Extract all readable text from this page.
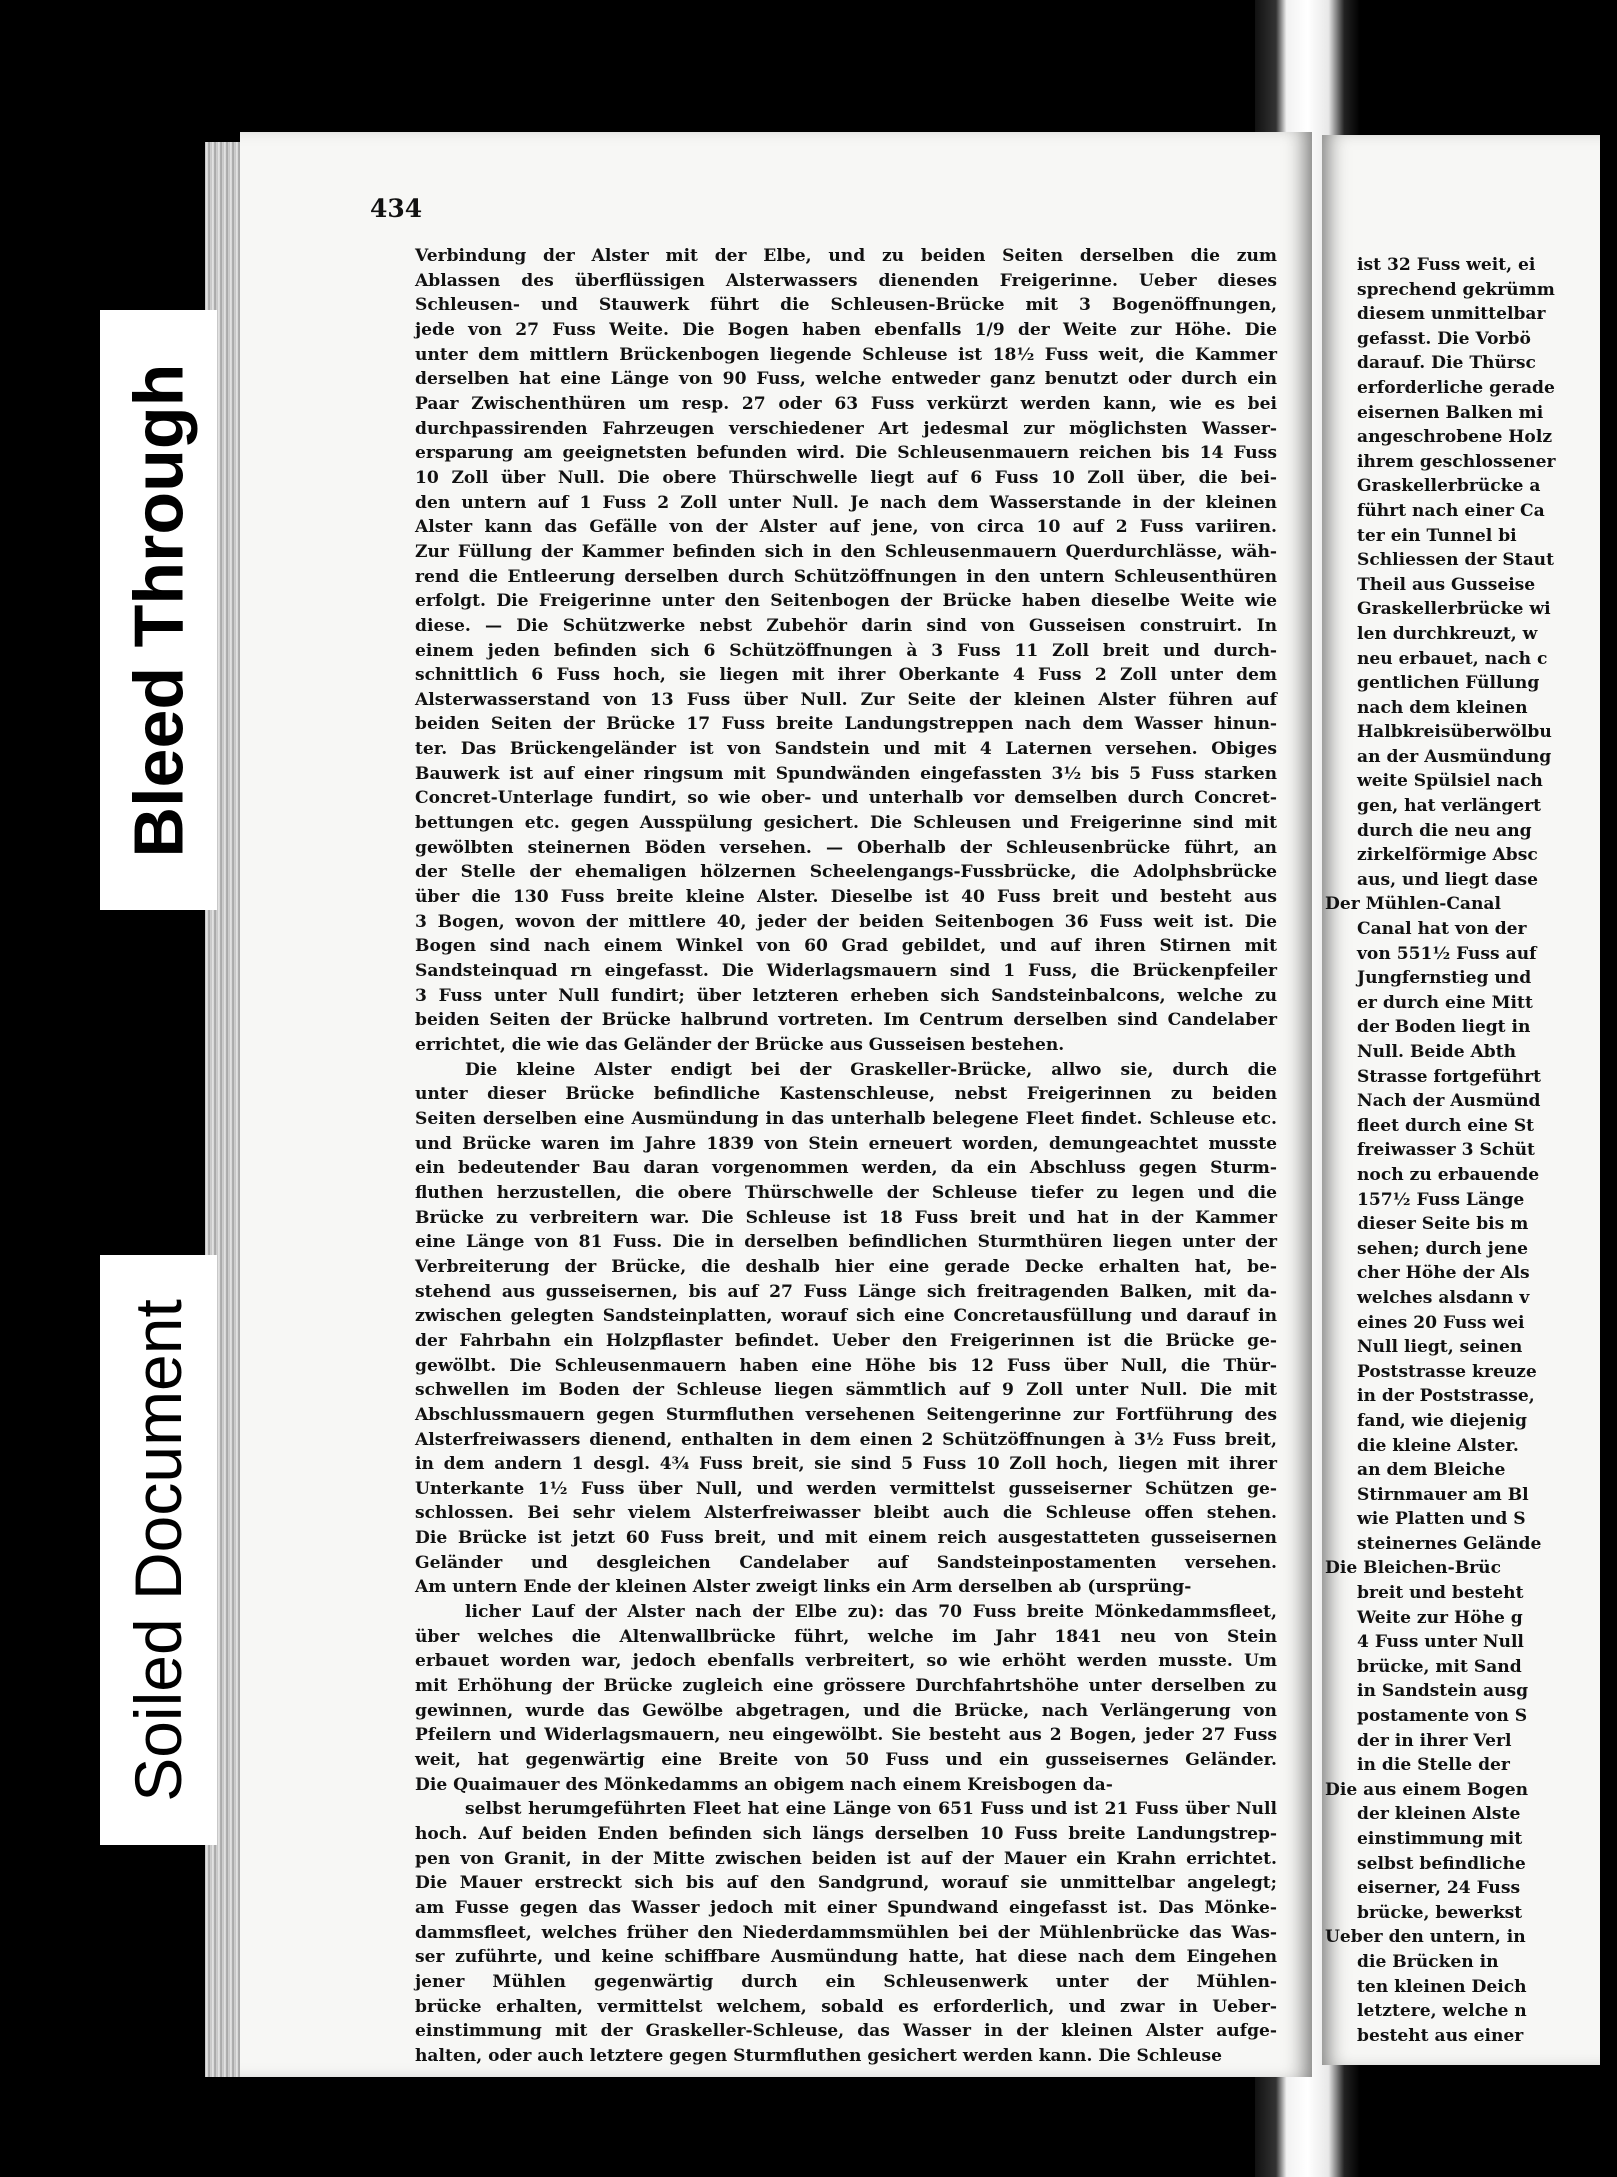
434

Verbindung der Alster mit der Elbe, und zu beiden Seiten derselben die zum

Ablassen des überflüssigen Alsterwassers dienenden Freigerinne. Ueber dieses

Schleusen- und Stauwerk führt die Schleusen-Brücke mit 3 Bogenöffnungen,

jede von 27 Fuss Weite. Die Bogen haben ebenfalls 1/9 der Weite zur Höhe. Die

unter dem mittlern Brückenbogen liegende Schleuse ist 18½ Fuss weit, die Kammer

derselben hat eine Länge von 90 Fuss, welche entweder ganz benutzt oder durch ein

Paar Zwischenthüren um resp. 27 oder 63 Fuss verkürzt werden kann, wie es bei

durchpassirenden Fahrzeugen verschiedener Art jedesmal zur möglichsten Wasser-

ersparung am geeignetsten befunden wird. Die Schleusenmauern reichen bis 14 Fuss

10 Zoll über Null. Die obere Thürschwelle liegt auf 6 Fuss 10 Zoll über, die bei-

den untern auf 1 Fuss 2 Zoll unter Null. Je nach dem Wasserstande in der kleinen

Alster kann das Gefälle von der Alster auf jene, von circa 10 auf 2 Fuss variiren.

Zur Füllung der Kammer befinden sich in den Schleusenmauern Querdurchlässe, wäh-

rend die Entleerung derselben durch Schützöffnungen in den untern Schleusenthüren

erfolgt. Die Freigerinne unter den Seitenbogen der Brücke haben dieselbe Weite wie

diese. — Die Schützwerke nebst Zubehör darin sind von Gusseisen construirt. In

einem jeden befinden sich 6 Schützöffnungen à 3 Fuss 11 Zoll breit und durch-

schnittlich 6 Fuss hoch, sie liegen mit ihrer Oberkante 4 Fuss 2 Zoll unter dem

Alsterwasserstand von 13 Fuss über Null. Zur Seite der kleinen Alster führen auf

beiden Seiten der Brücke 17 Fuss breite Landungstreppen nach dem Wasser hinun-

ter. Das Brückengeländer ist von Sandstein und mit 4 Laternen versehen. Obiges

Bauwerk ist auf einer ringsum mit Spundwänden eingefassten 3½ bis 5 Fuss starken

Concret-Unterlage fundirt, so wie ober- und unterhalb vor demselben durch Concret-

bettungen etc. gegen Ausspülung gesichert. Die Schleusen und Freigerinne sind mit

gewölbten steinernen Böden versehen. — Oberhalb der Schleusenbrücke führt, an

der Stelle der ehemaligen hölzernen Scheelengangs-Fussbrücke, die Adolphsbrücke

über die 130 Fuss breite kleine Alster. Dieselbe ist 40 Fuss breit und besteht aus

3 Bogen, wovon der mittlere 40, jeder der beiden Seitenbogen 36 Fuss weit ist. Die

Bogen sind nach einem Winkel von 60 Grad gebildet, und auf ihren Stirnen mit

Sandsteinquad rn eingefasst. Die Widerlagsmauern sind 1 Fuss, die Brückenpfeiler

3 Fuss unter Null fundirt; über letzteren erheben sich Sandsteinbalcons, welche zu

beiden Seiten der Brücke halbrund vortreten. Im Centrum derselben sind Candelaber

errichtet, die wie das Geländer der Brücke aus Gusseisen bestehen.

Die kleine Alster endigt bei der Graskeller-Brücke, allwo sie, durch die

unter dieser Brücke befindliche Kastenschleuse, nebst Freigerinnen zu beiden

Seiten derselben eine Ausmündung in das unterhalb belegene Fleet findet. Schleuse etc.

und Brücke waren im Jahre 1839 von Stein erneuert worden, demungeachtet musste

ein bedeutender Bau daran vorgenommen werden, da ein Abschluss gegen Sturm-

fluthen herzustellen, die obere Thürschwelle der Schleuse tiefer zu legen und die

Brücke zu verbreitern war. Die Schleuse ist 18 Fuss breit und hat in der Kammer

eine Länge von 81 Fuss. Die in derselben befindlichen Sturmthüren liegen unter der

Verbreiterung der Brücke, die deshalb hier eine gerade Decke erhalten hat, be-

stehend aus gusseisernen, bis auf 27 Fuss Länge sich freitragenden Balken, mit da-

zwischen gelegten Sandsteinplatten, worauf sich eine Concretausfüllung und darauf in

der Fahrbahn ein Holzpflaster befindet. Ueber den Freigerinnen ist die Brücke ge-

gewölbt. Die Schleusenmauern haben eine Höhe bis 12 Fuss über Null, die Thür-

schwellen im Boden der Schleuse liegen sämmtlich auf 9 Zoll unter Null. Die mit

Abschlussmauern gegen Sturmfluthen versehenen Seitengerinne zur Fortführung des

Alsterfreiwassers dienend, enthalten in dem einen 2 Schützöffnungen à 3½ Fuss breit,

in dem andern 1 desgl. 4¾ Fuss breit, sie sind 5 Fuss 10 Zoll hoch, liegen mit ihrer

Unterkante 1½ Fuss über Null, und werden vermittelst gusseiserner Schützen ge-

schlossen. Bei sehr vielem Alsterfreiwasser bleibt auch die Schleuse offen stehen.

Die Brücke ist jetzt 60 Fuss breit, und mit einem reich ausgestatteten gusseisernen

Geländer und desgleichen Candelaber auf Sandsteinpostamenten versehen.

Am untern Ende der kleinen Alster zweigt links ein Arm derselben ab (ursprüng-

licher Lauf der Alster nach der Elbe zu): das 70 Fuss breite Mönkedammsfleet,

über welches die Altenwallbrücke führt, welche im Jahr 1841 neu von Stein

erbauet worden war, jedoch ebenfalls verbreitert, so wie erhöht werden musste. Um

mit Erhöhung der Brücke zugleich eine grössere Durchfahrtshöhe unter derselben zu

gewinnen, wurde das Gewölbe abgetragen, und die Brücke, nach Verlängerung von

Pfeilern und Widerlagsmauern, neu eingewölbt. Sie besteht aus 2 Bogen, jeder 27 Fuss

weit, hat gegenwärtig eine Breite von 50 Fuss und ein gusseisernes Geländer.

Die Quaimauer des Mönkedamms an obigem nach einem Kreisbogen da-

selbst herumgeführten Fleet hat eine Länge von 651 Fuss und ist 21 Fuss über Null

hoch. Auf beiden Enden befinden sich längs derselben 10 Fuss breite Landungstrep-

pen von Granit, in der Mitte zwischen beiden ist auf der Mauer ein Krahn errichtet.

Die Mauer erstreckt sich bis auf den Sandgrund, worauf sie unmittelbar angelegt;

am Fusse gegen das Wasser jedoch mit einer Spundwand eingefasst ist. Das Mönke-

dammsfleet, welches früher den Niederdammsmühlen bei der Mühlenbrücke das Was-

ser zuführte, und keine schiffbare Ausmündung hatte, hat diese nach dem Eingehen

jener Mühlen gegenwärtig durch ein Schleusenwerk unter der Mühlen-

brücke erhalten, vermittelst welchem, sobald es erforderlich, und zwar in Ueber-

einstimmung mit der Graskeller-Schleuse, das Wasser in der kleinen Alster aufge-

halten, oder auch letztere gegen Sturmfluthen gesichert werden kann. Die Schleuse

ist 32 Fuss weit, ei
sprechend gekrümm
diesem unmittelbar
gefasst. Die Vorbö
darauf. Die Thürsc
erforderliche gerade
eisernen Balken mi
angeschrobene Holz
ihrem geschlossener
Graskellerbrücke a
führt nach einer Ca
ter ein Tunnel bi
Schliessen der Staut
Theil aus Gusseise
Graskellerbrücke wi
len durchkreuzt, w
neu erbauet, nach c
gentlichen Füllung
nach dem kleinen
Halbkreisüberwölbu
an der Ausmündung
weite Spülsiel nach
gen, hat verlängert
durch die neu ang
zirkelförmige Absc
aus, und liegt dase
Der Mühlen-Canal
Canal hat von der
von 551½ Fuss auf
Jungfernstieg und
er durch eine Mitt
der Boden liegt in
Null. Beide Abth
Strasse fortgeführt
Nach der Ausmünd
fleet durch eine St
freiwasser 3 Schüt
noch zu erbauende
157½ Fuss Länge
dieser Seite bis m
sehen; durch jene
cher Höhe der Als
welches alsdann v
eines 20 Fuss wei
Null liegt, seinen
Poststrasse kreuze
in der Poststrasse,
fand, wie diejenig
die kleine Alster.
an dem Bleiche
Stirnmauer am Bl
wie Platten und S
steinernes Gelände
Die Bleichen-Brüc
breit und besteht
Weite zur Höhe g
4 Fuss unter Null
brücke, mit Sand
in Sandstein ausg
postamente von S
der in ihrer Verl
in die Stelle der
Die aus einem Bogen
der kleinen Alste
einstimmung mit
selbst befindliche
eiserner, 24 Fuss
brücke, bewerkst
Ueber den untern, in
die Brücken in
ten kleinen Deich
letztere, welche n
besteht aus einer
Bleed Through
Soiled Document
